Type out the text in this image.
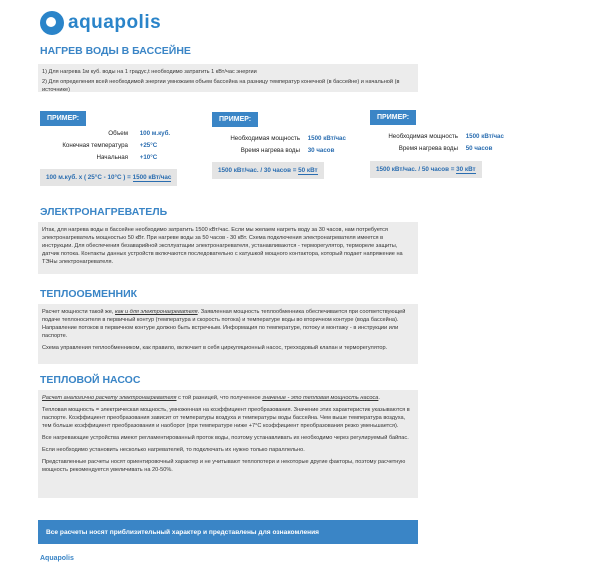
aquapolis
НАГРЕВ ВОДЫ В БАССЕЙНЕ

1) Для нагрева 1м куб. воды на 1 градус,t необходимо затратить 1 кВт/час энергии

2) Для определения всей необходимой энергии умножаем объем бассейна на разницу температур конечной (в бассейне) и начальной (в источнике)

ПРИМЕР:
Объем 100 м.куб.
Конечная температура +25°C
Начальная +10°C
100 м.куб. х ( 25°C - 10°C ) = 1500 кВт/час
ПРИМЕР:
Необходимая мощность 1500 кВт/час
Время нагрева воды 30 часов
1500 кВт/час. / 30 часов = 50 кВт
ПРИМЕР:
Необходимая мощность 1500 кВт/час
Время нагрева воды 50 часов
1500 кВт/час. / 50 часов = 30 кВт
ЭЛЕКТРОНАГРЕВАТЕЛЬ

Итак, для нагрева воды в бассейне необходимо затратить 1500 кВт/час. Если мы желаем нагреть воду за 30 часов, нам потребуется электронагреватель мощностью 50 кВт. При нагреве воды за 50 часов - 30 кВт. Схема подключения электронагревателя имеется в инструкции. Для обеспечения безаварийной эксплуатации электронагревателя, устанавливаются - терморегулятор, термореле защиты, датчик потока. Контакты данных устройств включаются последовательно с катушкой мощного контактора, который подает напряжение на ТЭНы электронагревателя.

ТЕПЛООБМЕННИК

Расчет мощности такой же, как и для электронагревателя. Заявленная мощность теплообменника обеспечивается при соответствующей подаче теплоносителя в первичный контур (температура и скорость потока) и температуре воды во вторичном контуре (вода бассейна). Направление потоков в первичном контуре должно быть встречным. Информация по температуре, потоку и монтажу - в инструкции или паспорте.

Схема управления теплообменником, как правило, включает в себя циркуляционный насос, трехходовый клапан и терморегулятор.

ТЕПЛОВОЙ НАСОС

Расчет аналогично расчету электронагревателя с той разницей, что полученное значение - это тепловая мощность насоса.

Тепловая мощность = электрическая мощность, умноженная на коэффициент преобразования. Значение этих характеристик указываются в паспорте. Коэффициент преобразования зависит от температуры воздуха и температуры воды бассейна. Чем выше температура воздуха, тем больше коэффициент преобразования и наоборот (при температуре ниже +7°C коэффициент преобразования резко уменьшается).

Все нагревающие устройства имеют регламентированный проток воды, поэтому устанавливать их необходимо через регулируемый байпас.

Если необходимо установить несколько нагревателей, то подключать их нужно только параллельно.

Представленные расчеты носят ориентировочный характер и не учитывают теплопотери и некоторые другие факторы, поэтому расчетную мощность рекомендуется увеличивать на 20-50%.

Все расчеты носят приблизительный характер и представлены для ознакомления
Aquapolis
